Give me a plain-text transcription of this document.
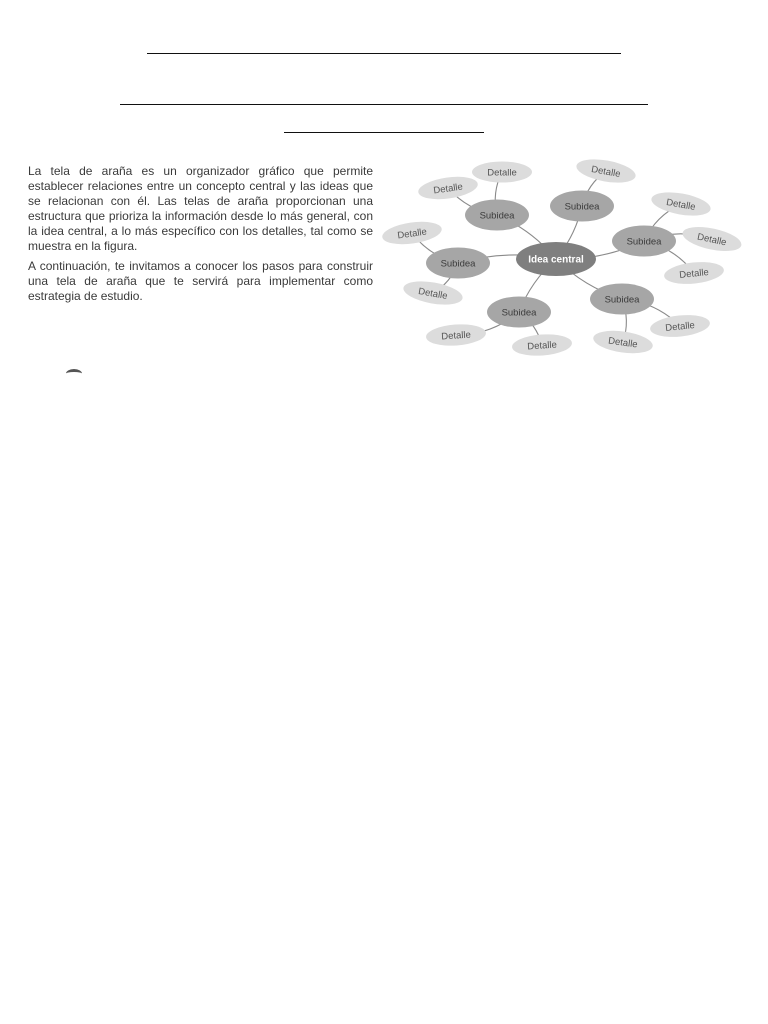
La tela de araña es un organizador gráfico que permite establecer relaciones entre un concepto central y las ideas que se relacionan con él. Las telas de araña proporcionan una estructura que prioriza la información desde lo más general, con la idea central, a lo más específico con los detalles, tal como se muestra en la figura.

A continuación, te invitamos a conocer los pasos para construir una tela de araña que te servirá para implementar como estrategia de estudio.

Detalle
Detalle	Detalle
Detalle
Detalle
Detalle
Detalle
Detalle
Detalle
Detalle
Detalle
Detalle
Subidea
Subidea
Subidea
Subidea
Subidea
Subidea
Idea central
